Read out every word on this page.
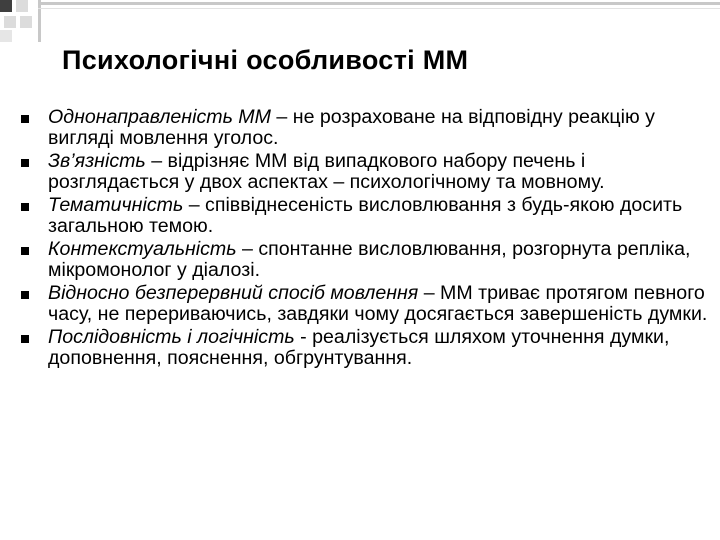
Психологічні особливості ММ
Однонаправленість ММ – не розраховане на відповідну реакцію у вигляді мовлення уголос.
Зв’язність – відрізняє ММ від випадкового набору печень і розглядається у двох аспектах – психологічному та мовному.
Тематичність – співвіднесеність висловлювання з будь-якою досить загальною темою.
Контекстуальність – спонтанне висловлювання, розгорнута репліка, мікромонолог у діалозі.
Відносно безперервний спосіб мовлення – ММ триває протягом певного часу, не перериваючись, завдяки чому досягається завершеність думки.
Послідовність і логічність - реалізується шляхом уточнення думки, доповнення, пояснення, обгрунтування.
